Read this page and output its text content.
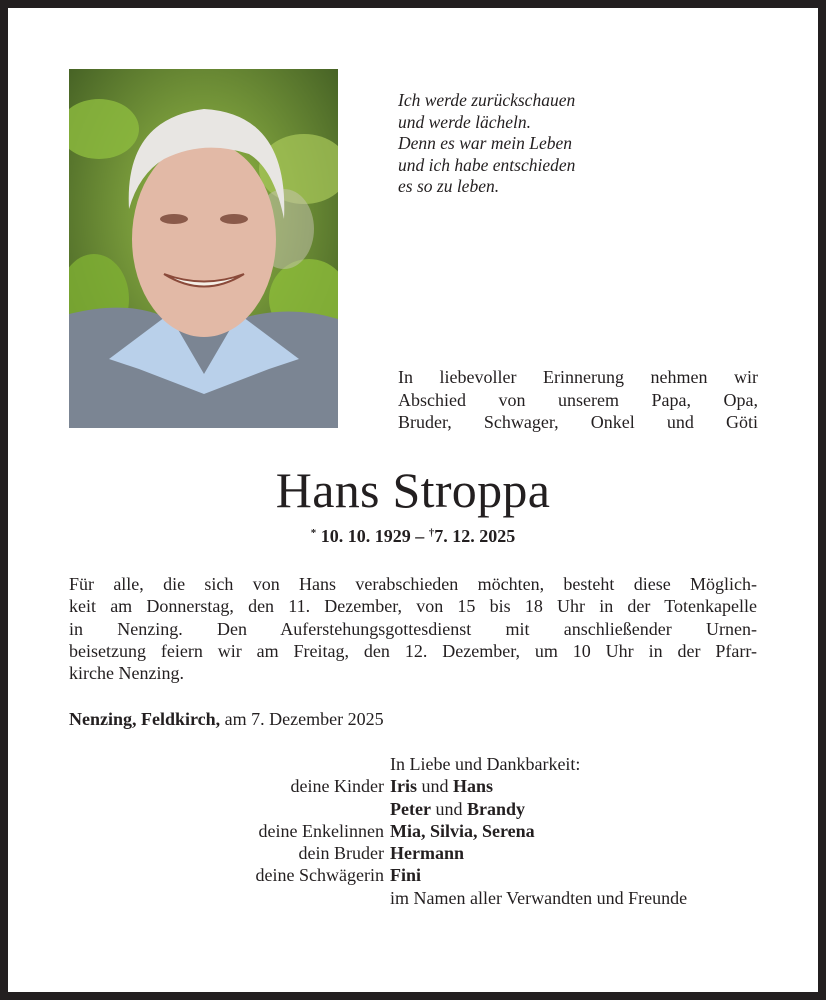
Ich werde zurückschauen
und werde lächeln.
Denn es war mein Leben
und ich habe entschieden
es so zu leben.
In liebevoller Erinnerung nehmen wir
Abschied von unserem Papa, Opa,
Bruder, Schwager, Onkel und Göti
Hans Stroppa
* 10. 10. 1929 – †7. 12. 2025
Für alle, die sich von Hans verabschieden möchten, besteht diese Möglich-
keit am Donnerstag, den 11. Dezember, von 15 bis 18 Uhr in der Totenkapelle
in Nenzing. Den Auferstehungsgottesdienst mit anschließender Urnen-
beisetzung feiern wir am Freitag, den 12. Dezember, um 10 Uhr in der Pfarr-
kirche Nenzing.
Nenzing, Feldkirch, am 7. Dezember 2025
In Liebe und Dankbarkeit:
deine Kinder Iris und Hans
Peter und Brandy
deine Enkelinnen Mia, Silvia, Serena
dein Bruder Hermann
deine Schwägerin Fini
im Namen aller Verwandten und Freunde
